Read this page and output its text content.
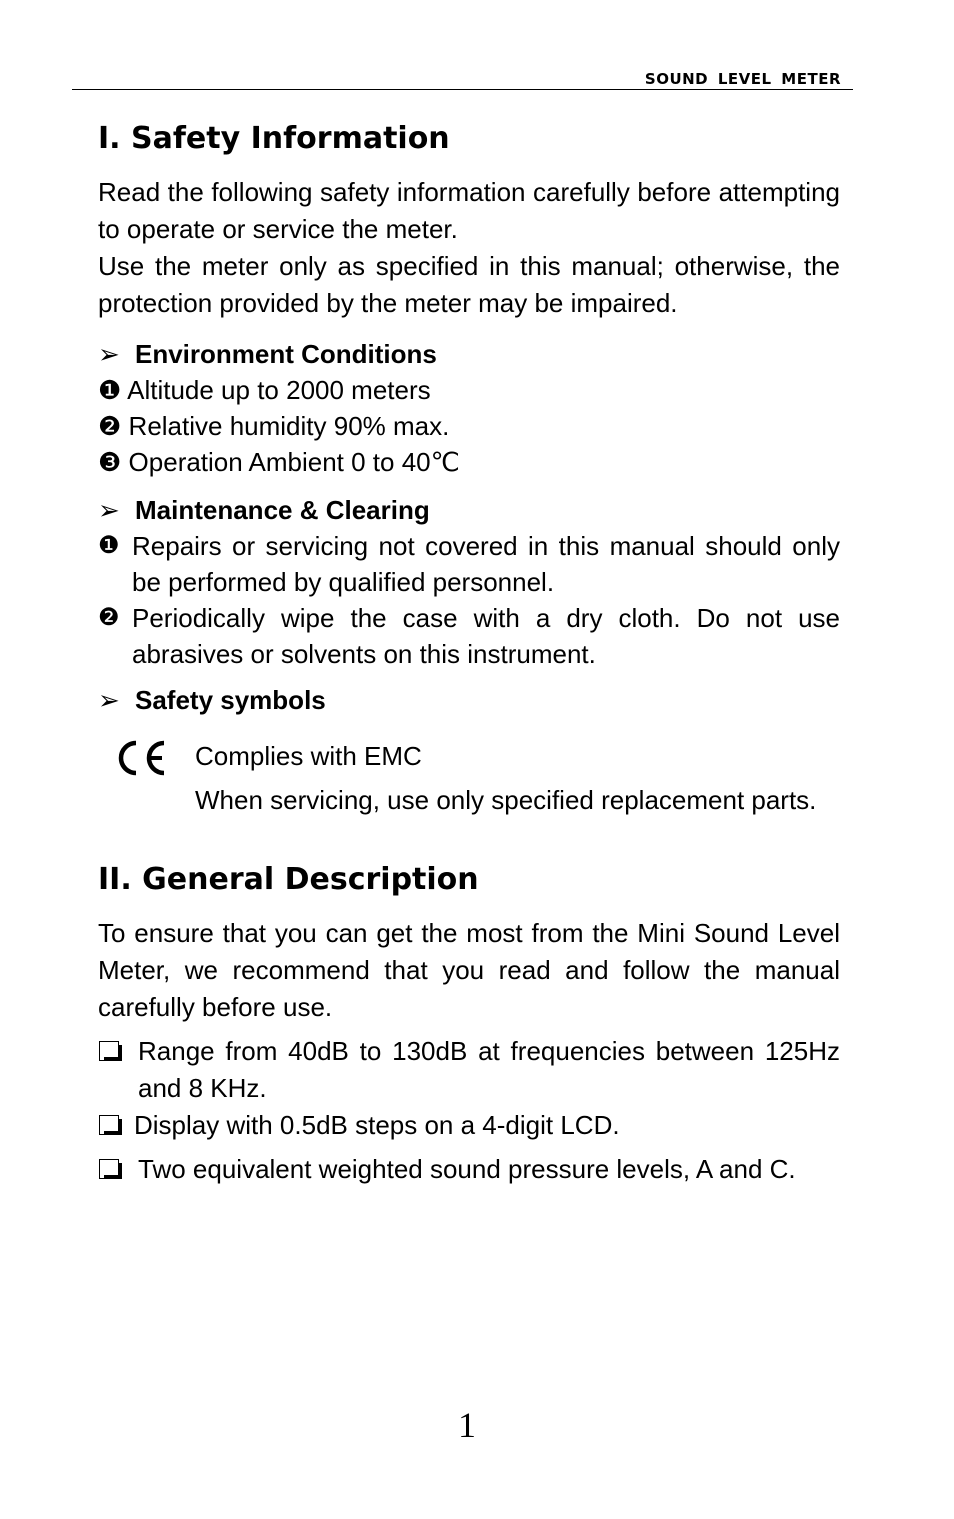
SOUND LEVEL METER
I. Safety Information

Read the following safety information carefully before attempting to operate or service the meter.

Use the meter only as specified in this manual; otherwise, the protection provided by the meter may be impaired.

➢ Environment Conditions
❶ Altitude up to 2000 meters
❷ Relative humidity 90% max.
❸ Operation Ambient 0 to 40℃
➢ Maintenance & Clearing
❶ Repairs or servicing not covered in this manual should only be performed by qualified personnel.
❷ Periodically wipe the case with a dry cloth. Do not use abrasives or solvents on this instrument.
➢ Safety symbols
Complies with EMC
When servicing, use only specified replacement parts.
II. General Description

To ensure that you can get the most from the Mini Sound Level Meter, we recommend that you read and follow the manual carefully before use.

Range from 40dB to 130dB at frequencies between 125Hz and 8 KHz.
Display with 0.5dB steps on a 4-digit LCD.
Two equivalent weighted sound pressure levels, A and C.
1
